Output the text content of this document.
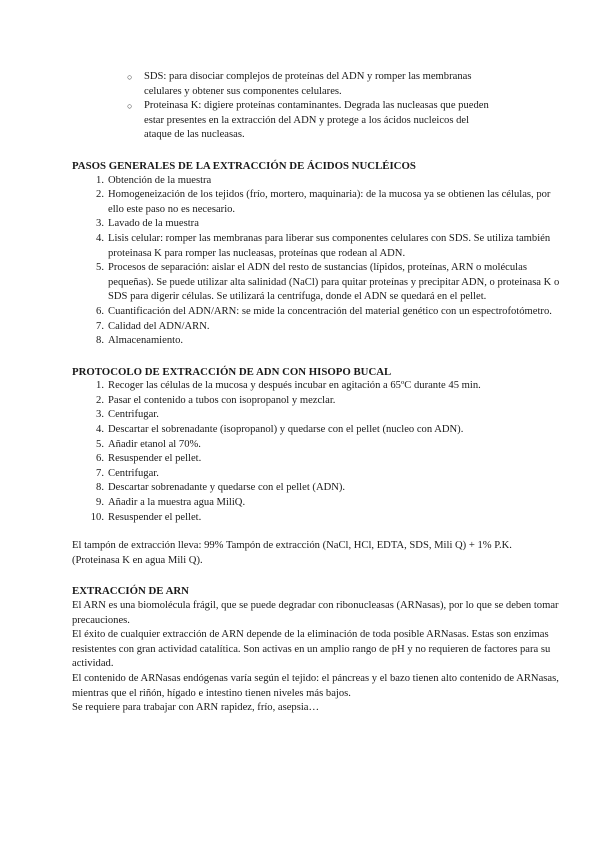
○ SDS: para disociar complejos de proteínas del ADN y romper las membranas celulares y obtener sus componentes celulares.
○ Proteinasa K: digiere proteínas contaminantes. Degrada las nucleasas que pueden estar presentes en la extracción del ADN y protege a los ácidos nucleicos del ataque de las nucleasas.
PASOS GENERALES DE LA EXTRACCIÓN DE ÁCIDOS NUCLÉICOS
1. Obtención de la muestra
2. Homogeneización de los tejidos (frío, mortero, maquinaria): de la mucosa ya se obtienen las células, por ello este paso no es necesario.
3. Lavado de la muestra
4. Lisis celular: romper las membranas para liberar sus componentes celulares con SDS. Se utiliza también proteinasa K para romper las nucleasas, proteínas que rodean al ADN.
5. Procesos de separación: aislar el ADN del resto de sustancias (lípidos, proteínas, ARN o moléculas pequeñas). Se puede utilizar alta salinidad (NaCl) para quitar proteínas y precipitar ADN, o proteinasa K o SDS para digerir células. Se utilizará la centrífuga, donde el ADN se quedará en el pellet.
6. Cuantificación del ADN/ARN: se mide la concentración del material genético con un espectrofotómetro.
7. Calidad del ADN/ARN.
8. Almacenamiento.
PROTOCOLO DE EXTRACCIÓN DE ADN CON HISOPO BUCAL
1. Recoger las células de la mucosa y después incubar en agitación a 65ºC durante 45 min.
2. Pasar el contenido a tubos con isopropanol y mezclar.
3. Centrifugar.
4. Descartar el sobrenadante (isopropanol) y quedarse con el pellet (nucleo con ADN).
5. Añadir etanol al 70%.
6. Resuspender el pellet.
7. Centrifugar.
8. Descartar sobrenadante y quedarse con el pellet (ADN).
9. Añadir a la muestra agua MiliQ.
10. Resuspender el pellet.

El tampón de extracción lleva: 99% Tampón de extracción (NaCl, HCl, EDTA, SDS, Mili Q) + 1% P.K. (Proteinasa K en agua Mili Q).

EXTRACCIÓN DE ARN

El ARN es una biomolécula frágil, que se puede degradar con ribonucleasas (ARNasas), por lo que se deben tomar precauciones.

El éxito de cualquier extracción de ARN depende de la eliminación de toda posible ARNasas. Estas son enzimas resistentes con gran actividad catalítica. Son activas en un amplio rango de pH y no requieren de factores para su actividad.

El contenido de ARNasas endógenas varía según el tejido: el páncreas y el bazo tienen alto contenido de ARNasas, mientras que el riñón, hígado e intestino tienen niveles más bajos.

Se requiere para trabajar con ARN rapidez, frío, asepsia…
